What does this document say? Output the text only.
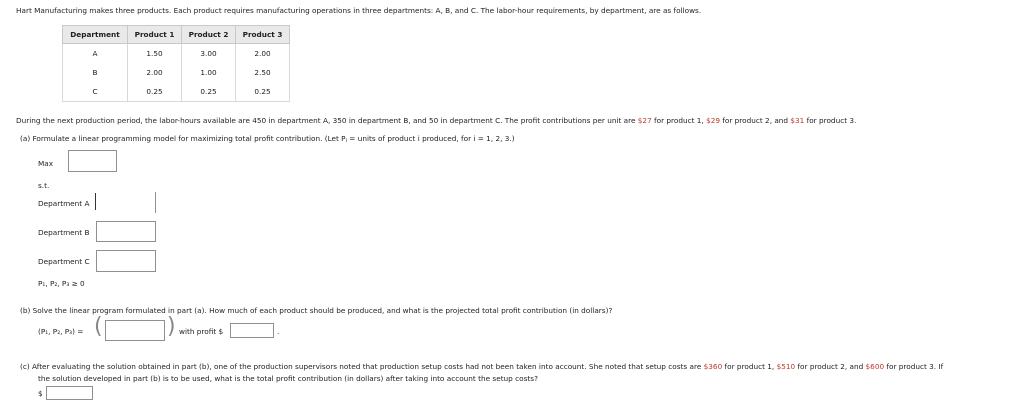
Hart Manufacturing makes three products. Each product requires manufacturing operations in three departments: A, B, and C. The labor-hour requirements, by department, are as follows.
Department	Product 1	Product 2	Product 3
A	1.50	3.00	2.00
B	2.00	1.00	2.50
C	0.25	0.25	0.25
During the next production period, the labor-hours available are 450 in department A, 350 in department B, and 50 in department C. The profit contributions per unit are $27 for product 1, $29 for product 2, and $31 for product 3.
(a) Formulate a linear programming model for maximizing total profit contribution. (Let $P_i$ = units of product i produced, for i = 1, 2, 3.)
Max
s.t.
Department A
Department B
Department C
P₁, P₂, P₃ ≥ 0
(b) Solve the linear program formulated in part (a). How much of each product should be produced, and what is the projected total profit contribution (in dollars)?
(P₁, P₂, P₃) = (	) with profit $	.
(c) After evaluating the solution obtained in part (b), one of the production supervisors noted that production setup costs had not been taken into account. She noted that setup costs are $360 for product 1, $510 for product 2, and $600 for product 3. If
the solution developed in part (b) is to be used, what is the total profit contribution (in dollars) after taking into account the setup costs?
$
